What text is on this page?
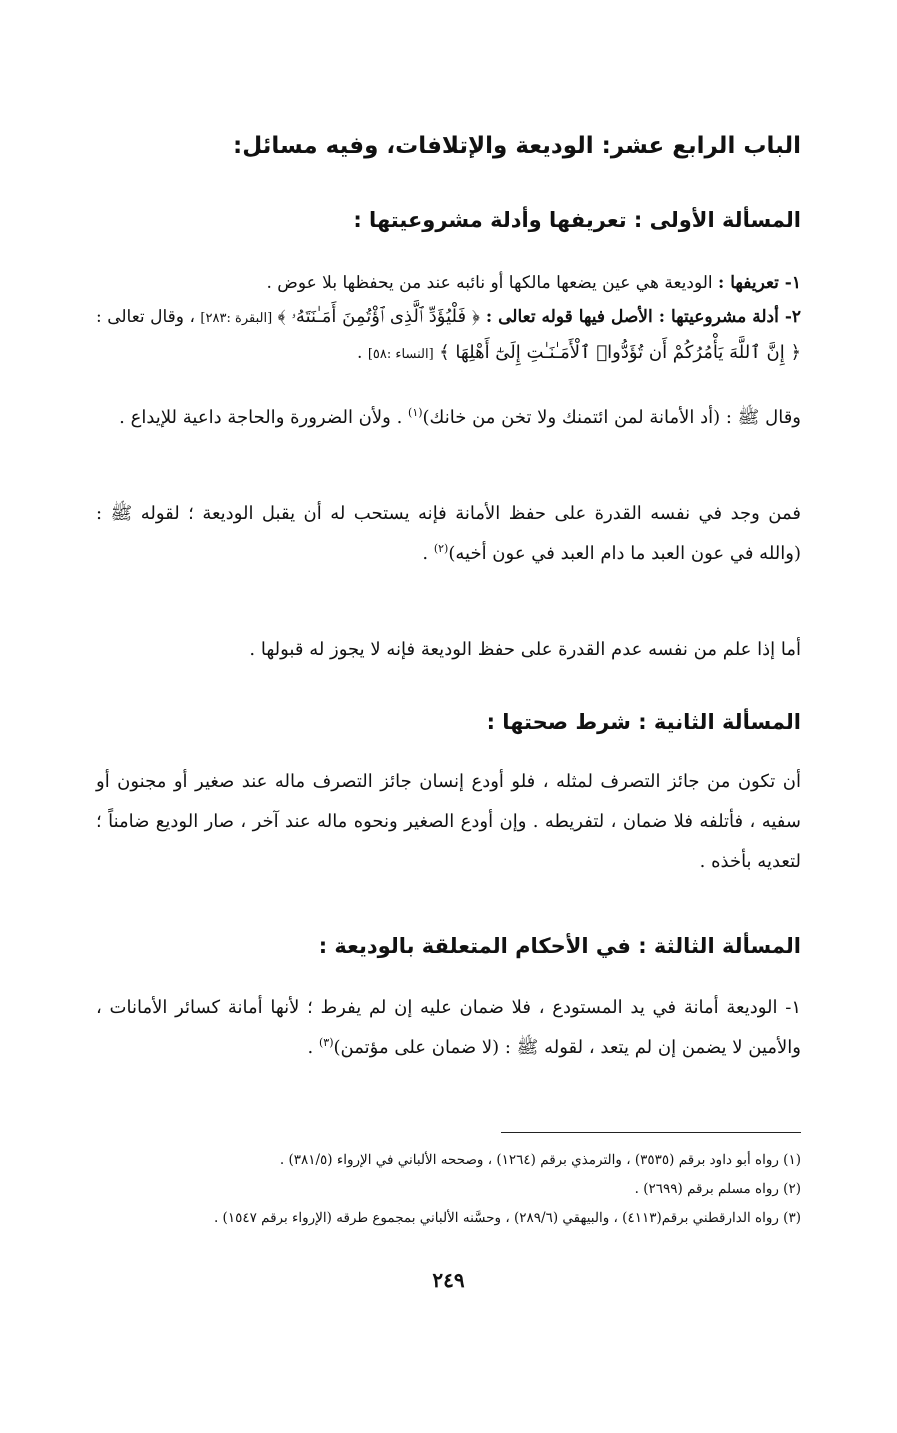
الباب الرابع عشر: الوديعة والإتلافات، وفيه مسائل:
المسألة الأولى : تعريفها وأدلة مشروعيتها :

١- تعريفها : الوديعة هي عين يضعها مالكها أو نائبه عند من يحفظها بلا عوض .

٢- أدلة مشروعيتها : الأصل فيها قوله تعالى : ﴿ فَلْيُؤَدِّ ٱلَّذِى ٱؤْتُمِنَ أَمَـٰنَتَهُۥ ﴾ [البقرة :٢٨٣] ، وقال تعالى : ﴿ إِنَّ ٱللَّهَ يَأْمُرُكُمْ أَن تُؤَدُّوا۟ ٱلْأَمَـٰنَـٰتِ إِلَىٰٓ أَهْلِهَا ﴾ [النساء :٥٨] .

وقال ﷺ : (أد الأمانة لمن ائتمنك ولا تخن من خانك)$^{(١)}$ . ولأن الضرورة والحاجة داعية للإيداع .

فمن وجد في نفسه القدرة على حفظ الأمانة فإنه يستحب له أن يقبل الوديعة ؛ لقوله ﷺ : (والله في عون العبد ما دام العبد في عون أخيه)$^{(٢)}$ .

أما إذا علم من نفسه عدم القدرة على حفظ الوديعة فإنه لا يجوز له قبولها .

المسألة الثانية : شرط صحتها :

أن تكون من جائز التصرف لمثله ، فلو أودع إنسان جائز التصرف ماله عند صغير أو مجنون أو سفيه ، فأتلفه فلا ضمان ، لتفريطه . وإن أودع الصغير ونحوه ماله عند آخر ، صار الوديع ضامناً ؛ لتعديه بأخذه .

المسألة الثالثة : في الأحكام المتعلقة بالوديعة :

١- الوديعة أمانة في يد المستودع ، فلا ضمان عليه إن لم يفرط ؛ لأنها أمانة كسائر الأمانات ، والأمين لا يضمن إن لم يتعد ، لقوله ﷺ : (لا ضمان على مؤتمن)$^{(٣)}$ .

(١) رواه أبو داود برقم (٣٥٣٥) ، والترمذي برقم (١٢٦٤) ، وصححه الألباني في الإرواء (٣٨١/٥) .

(٢) رواه مسلم برقم (٢٦٩٩) .

(٣) رواه الدارقطني برقم(٤١١٣) ، والبيهقي (٢٨٩/٦) ، وحسَّنه الألباني بمجموع طرقه (الإرواء برقم ١٥٤٧) .

٢٤٩
